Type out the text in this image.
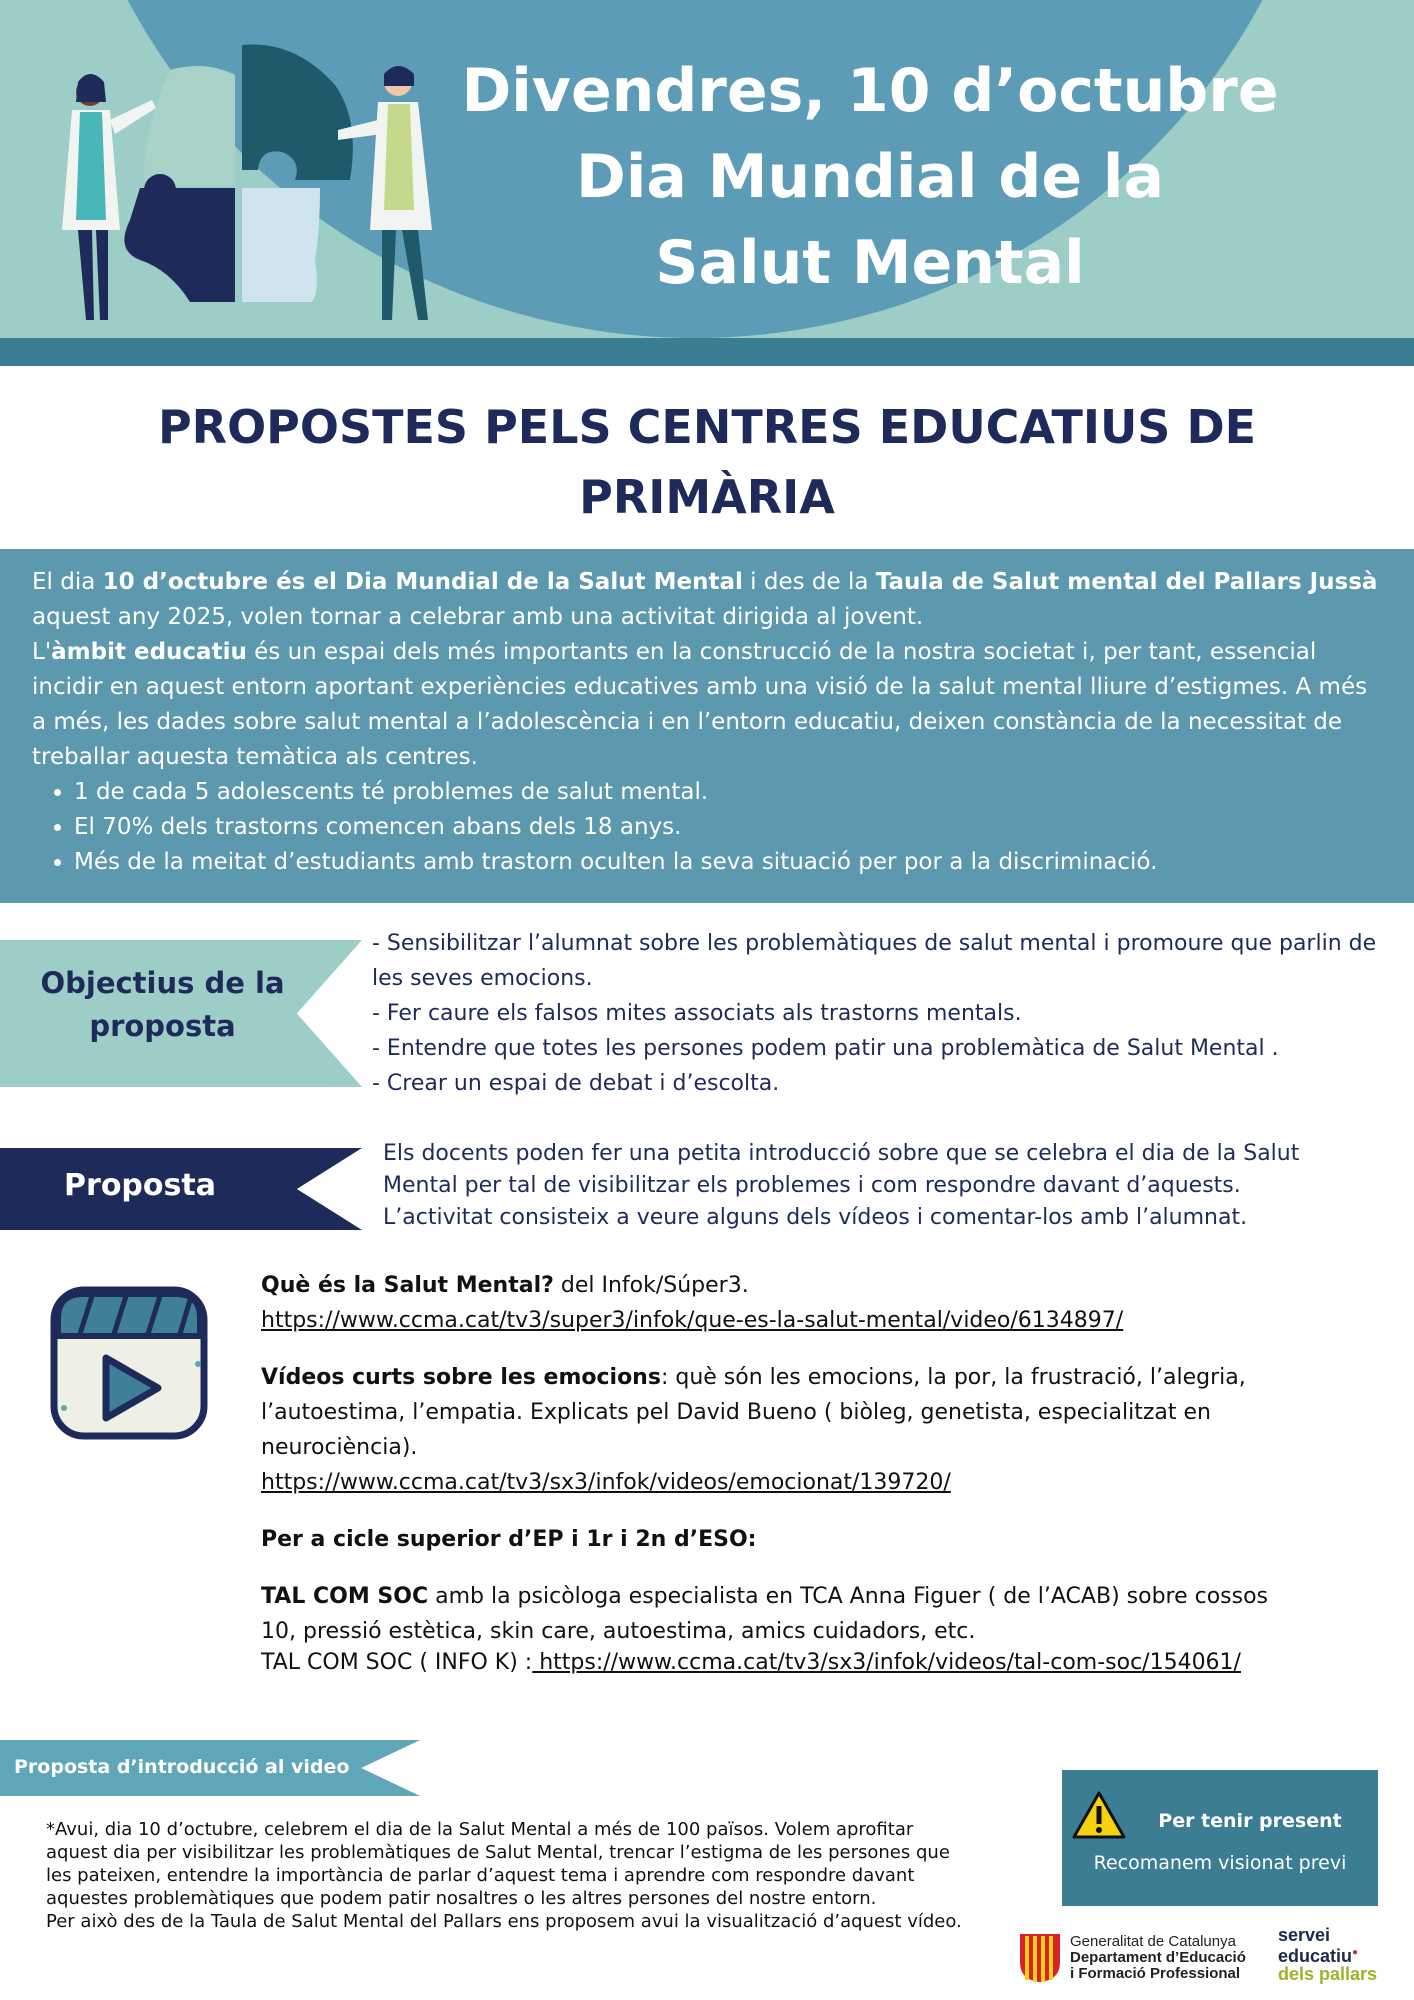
Divendres, 10 d’octubre
Dia Mundial de la
Salut Mental
PROPOSTES PELS CENTRES EDUCATIUS DE
PRIMÀRIA

El dia 10 d’octubre és el Dia Mundial de la Salut Mental i des de la Taula de Salut mental del Pallars Jussà aquest any 2025, volen tornar a celebrar amb una activitat dirigida al jovent.

L'àmbit educatiu és un espai dels més importants en la construcció de la nostra societat i, per tant, essencial incidir en aquest entorn aportant experiències educatives amb una visió de la salut mental lliure d’estigmes. A més a més, les dades sobre salut mental a l’adolescència i en l’entorn educatiu, deixen constància de la necessitat de treballar aquesta temàtica als centres.

• 1 de cada 5 adolescents té problemes de salut mental.
• El 70% dels trastorns comencen abans dels 18 anys.
• Més de la meitat d’estudiants amb trastorn oculten la seva situació per por a la discriminació.
Objectius de la proposta

- Sensibilitzar l’alumnat sobre les problemàtiques de salut mental i promoure que parlin de les seves emocions.

- Fer caure els falsos mites associats als trastorns mentals.

- Entendre que totes les persones podem patir una problemàtica de Salut Mental .

- Crear un espai de debat i d’escolta.

Proposta

Els docents poden fer una petita introducció sobre que se celebra el dia de la Salut

Mental per tal de visibilitzar els problemes i com respondre davant d’aquests.

L’activitat consisteix a veure alguns dels vídeos i comentar-los amb l’alumnat.

Què és la Salut Mental? del Infok/Súper3.

https://www.ccma.cat/tv3/super3/infok/que-es-la-salut-mental/video/6134897/

Vídeos curts sobre les emocions: què són les emocions, la por, la frustració, l’alegria, l’autoestima, l’empatia. Explicats pel David Bueno ( biòleg, genetista, especialitzat en neurociència).

https://www.ccma.cat/tv3/sx3/infok/videos/emocionat/139720/

Per a cicle superior d’EP i 1r i 2n d’ESO:

TAL COM SOC amb la psicòloga especialista en TCA Anna Figuer ( de l’ACAB) sobre cossos 10, pressió estètica, skin care, autoestima, amics cuidadors, etc.

TAL COM SOC ( INFO K) : https://www.ccma.cat/tv3/sx3/infok/videos/tal-com-soc/154061/

Proposta d’introducció al video

*Avui, dia 10 d’octubre, celebrem el dia de la Salut Mental a més de 100 països. Volem aprofitar aquest dia per visibilitzar les problemàtiques de Salut Mental, trencar l’estigma de les persones que les pateixen, entendre la importància de parlar d’aquest tema i aprendre com respondre davant aquestes problemàtiques que podem patir nosaltres o les altres persones del nostre entorn.

Per això des de la Taula de Salut Mental del Pallars ens proposem avui la visualització d’aquest vídeo.

Per tenir present
Recomanem visionat previ
Generalitat de Catalunya
Departament d’Educació
i Formació Professional
servei
educatiu●
dels pallars
